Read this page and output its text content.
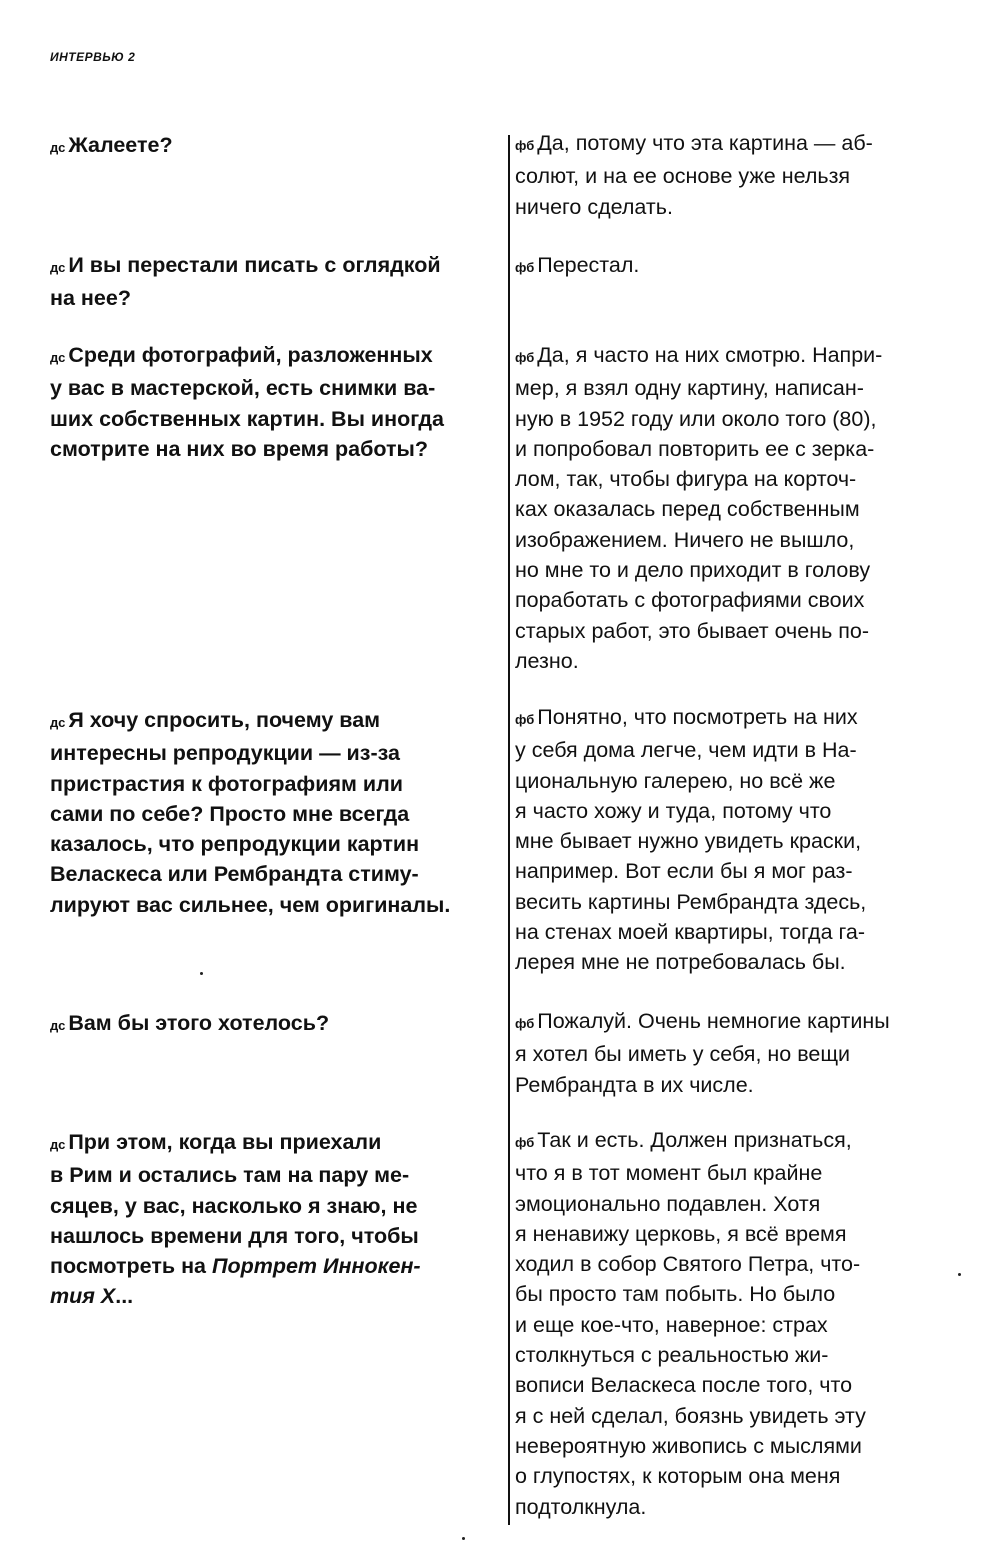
ИНТЕРВЬЮ 2
дс Жалеете?	фб Да, потому что эта картина — аб-
солют, и на ее основе уже нельзя
ничего сделать.
дс И вы перестали писать с оглядкой
на нее?
фб Перестал.
дс Среди фотографий, разложенных
у вас в мастерской, есть снимки ва-
ших собственных картин. Вы иногда
смотрите на них во время работы?
фб Да, я часто на них смотрю. Напри-
мер, я взял одну картину, написан-
ную в 1952 году или около того (80),
и попробовал повторить ее с зерка-
лом, так, чтобы фигура на корточ-
ках оказалась перед собственным
изображением. Ничего не вышло,
но мне то и дело приходит в голову
поработать с фотографиями своих
старых работ, это бывает очень по-
лезно.
дс Я хочу спросить, почему вам
интересны репродукции — из-за
пристрастия к фотографиям или
сами по себе? Просто мне всегда
казалось, что репродукции картин
Веласкеса или Рембрандта стиму-
лируют вас сильнее, чем оригиналы.
фб Понятно, что посмотреть на них
у себя дома легче, чем идти в На-
циональную галерею, но всё же
я часто хожу и туда, потому что
мне бывает нужно увидеть краски,
например. Вот если бы я мог раз-
весить картины Рембрандта здесь,
на стенах моей квартиры, тогда га-
лерея мне не потребовалась бы.
дс Вам бы этого хотелось?	фб Пожалуй. Очень немногие картины
я хотел бы иметь у себя, но вещи
Рембрандта в их числе.
дс При этом, когда вы приехали
в Рим и остались там на пару ме-
сяцев, у вас, насколько я знаю, не
нашлось времени для того, чтобы
посмотреть на Портрет Иннокен-
тия X...
фб Так и есть. Должен признаться,
что я в тот момент был крайне
эмоционально подавлен. Хотя
я ненавижу церковь, я всё время
ходил в собор Святого Петра, что-
бы просто там побыть. Но было
и еще кое-что, наверное: страх
столкнуться с реальностью жи-
вописи Веласкеса после того, что
я с ней сделал, боязнь увидеть эту
невероятную живопись с мыслями
о глупостях, к которым она меня
подтолкнула.
